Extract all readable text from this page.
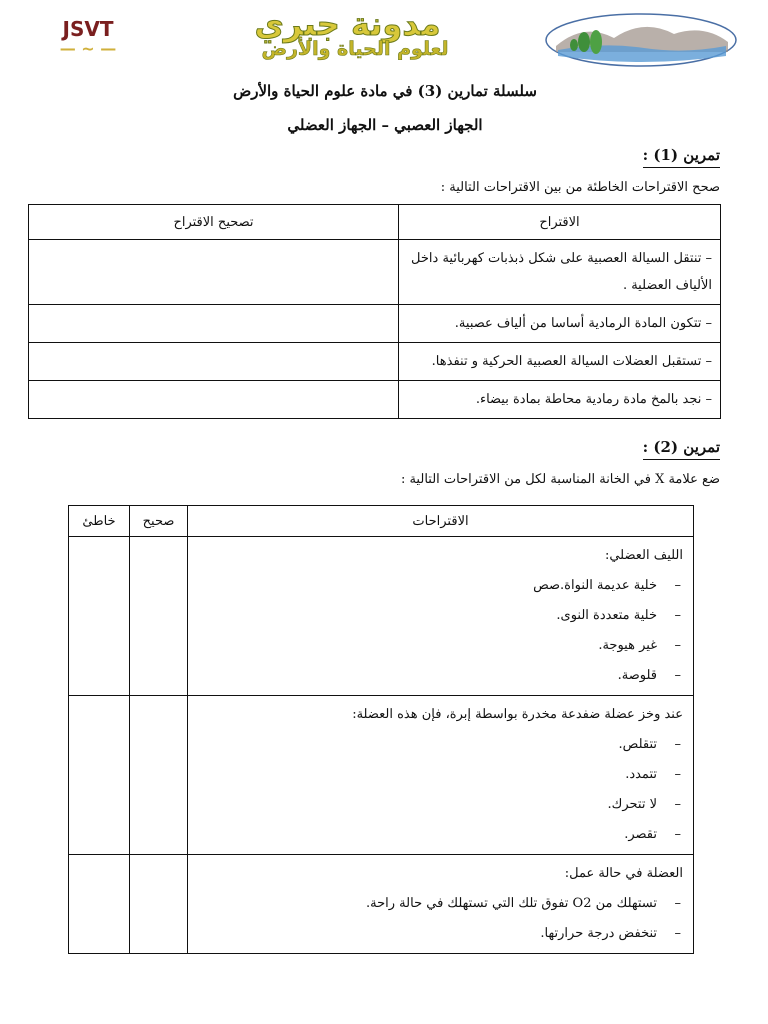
JSVT
— ~ —
مدونة جبري
لعلوم الحياة والأرض
سلسلة تمارين (3) في مادة علوم الحياة والأرض
الجهاز العصبي – الجهاز العضلي
تمرين (1) :
صحح الاقتراحات الخاطئة من بين الاقتراحات التالية :
الاقتراح	تصحيح الاقتراح
– تنتقل السيالة العصبية على شكل ذبذبات كهربائية داخل الألياف العضلية .	
– تتكون المادة الرمادية أساسا من ألياف عصبية.	
– تستقبل العضلات السيالة العصبية الحركية و تنفذها.	
– نجد بالمخ مادة رمادية محاطة بمادة بيضاء.	
تمرين (2) :
ضع علامة X في الخانة المناسبة لكل من الاقتراحات التالية :
الاقتراحات	صحيح	خاطئ

الليف العضلي:
– خلية عديمة النواة.صص
– خلية متعددة النوى.
– غير هيوجة.
– قلوصة.

عند وخز عضلة ضفدعة مخدرة بواسطة إبرة، فإن هذه العضلة:
– تتقلص.
– تتمدد.
– لا تتحرك.
– تقصر.

العضلة في حالة عمل:
– تستهلك من O2 تفوق تلك التي تستهلك في حالة راحة.
– تنخفض درجة حرارتها.
